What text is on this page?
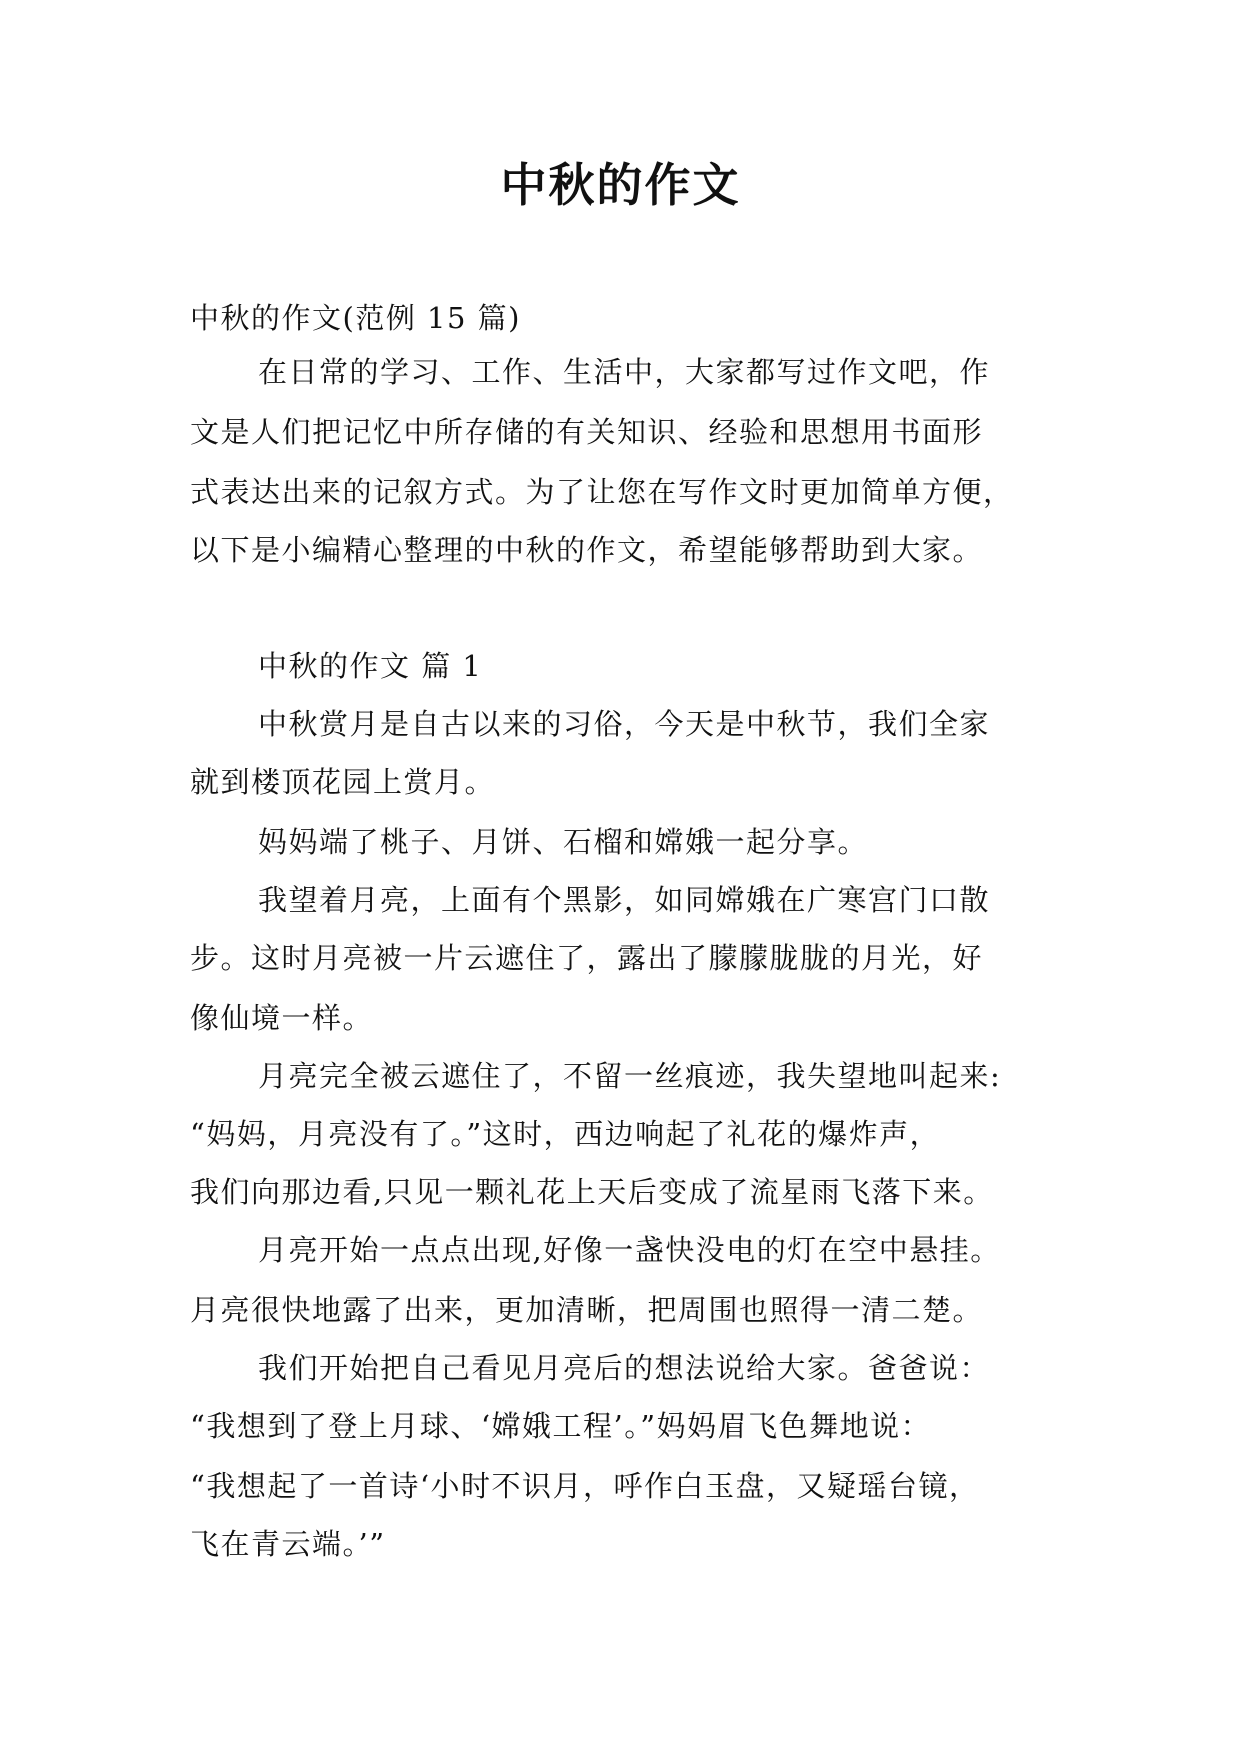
中秋的作文
中秋的作文(范例 15 篇)
在日常的学习、工作、生活中，大家都写过作文吧，作
文是人们把记忆中所存储的有关知识、经验和思想用书面形
式表达出来的记叙方式。为了让您在写作文时更加简单方便，
以下是小编精心整理的中秋的作文，希望能够帮助到大家。
中秋的作文 篇 1
中秋赏月是自古以来的习俗，今天是中秋节，我们全家
就到楼顶花园上赏月。
妈妈端了桃子、月饼、石榴和嫦娥一起分享。
我望着月亮，上面有个黑影，如同嫦娥在广寒宫门口散
步。这时月亮被一片云遮住了，露出了朦朦胧胧的月光，好
像仙境一样。
月亮完全被云遮住了，不留一丝痕迹，我失望地叫起来:
“妈妈，月亮没有了。”这时，西边响起了礼花的爆炸声，
我们向那边看,只见一颗礼花上天后变成了流星雨飞落下来。
月亮开始一点点出现,好像一盏快没电的灯在空中悬挂。
月亮很快地露了出来，更加清晰，把周围也照得一清二楚。
我们开始把自己看见月亮后的想法说给大家。爸爸说：
“我想到了登上月球、‘嫦娥工程’。”妈妈眉飞色舞地说：
“我想起了一首诗‘小时不识月，呼作白玉盘，又疑瑶台镜，
飞在青云端。’”
